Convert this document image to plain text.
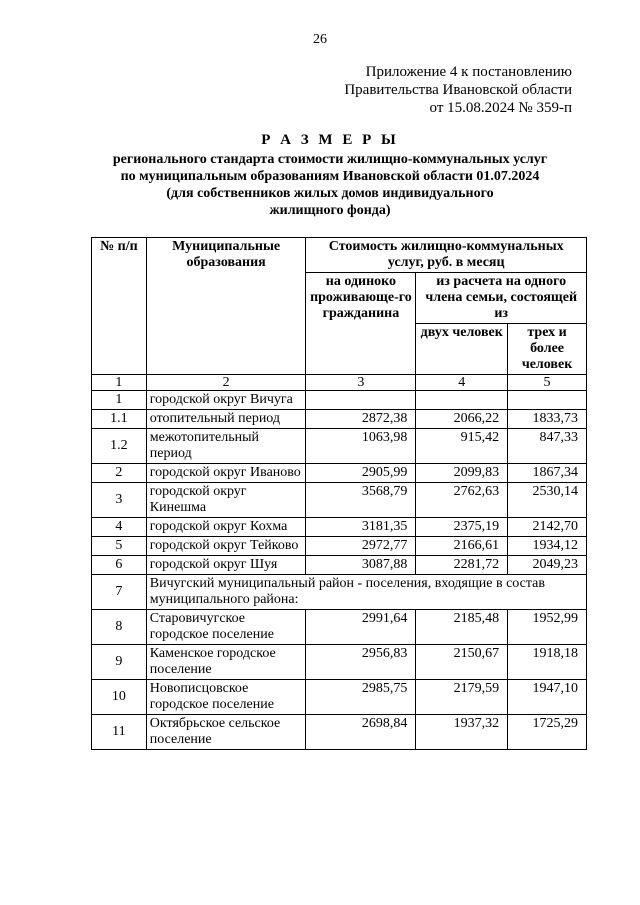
26
Приложение 4 к постановлению
Правительства Ивановской области
от 15.08.2024 № 359-п
Р А З М Е Р Ы
регионального стандарта стоимости жилищно-коммунальных услуг
по муниципальным образованиям Ивановской области 01.07.2024
(для собственников жилых домов индивидуального
жилищного фонда)
№ п/п	Муниципальные образования	Стоимость жилищно-коммунальных услуг, руб. в месяц		
		на одиноко проживающе-го гражданина	из расчета на одного члена семьи, состоящей из	
			двух человек	трех и более человек
1	2	3	4	5
1	городской округ Вичуга			
1.1	отопительный период	2872,38	2066,22	1833,73
1.2	межотопительный период	1063,98	915,42	847,33
2	городской округ Иваново	2905,99	2099,83	1867,34
3	городской округ Кинешма	3568,79	2762,63	2530,14
4	городской округ Кохма	3181,35	2375,19	2142,70
5	городской округ Тейково	2972,77	2166,61	1934,12
6	городской округ Шуя	3087,88	2281,72	2049,23
7	Вичугский муниципальный район - поселения, входящие в состав муниципального района:			
8	Старовичугское городское поселение	2991,64	2185,48	1952,99
9	Каменское городское поселение	2956,83	2150,67	1918,18
10	Новописцовское городское поселение	2985,75	2179,59	1947,10
11	Октябрьское сельское поселение	2698,84	1937,32	1725,29
